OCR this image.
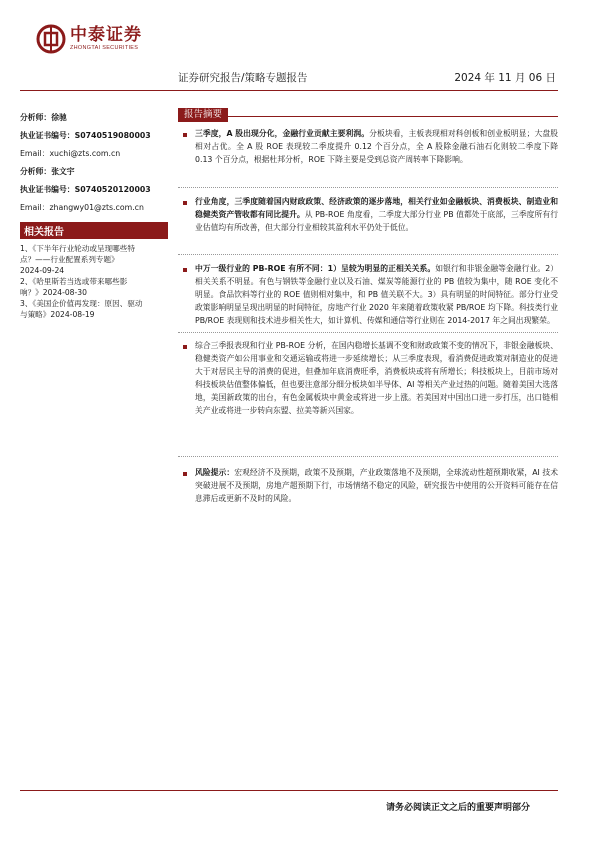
中泰证券
ZHONGTAI SECURITIES
证券研究报告/策略专题报告	2024 年 11 月 06 日
分析师： 徐驰
执业证书编号： S0740519080003
Email： xuchi@zts.com.cn
分析师： 张文宇
执业证书编号： S0740520120003
Email： zhangwy01@zts.com.cn
相关报告
1、《下半年行业轮动或呈现哪些特
点？——行业配置系列专题》
2024-09-24
2、《哈里斯若当选或带来哪些影
响？》2024-08-30
3、《美国企价值再发现：原因、驱动
与策略》2024-08-19
报告摘要
三季度，A 股出现分化，金融行业贡献主要利润。分板块看，主板表现相对科创板和创业板明显；大盘股相对占优。全 A 股 ROE 表现较二季度提升 0.12 个百分点，全 A 股除金融石油石化则较二季度下降 0.13 个百分点，根据杜邦分析，ROE 下降主要是受到总资产周转率下降影响。
行业角度，三季度随着国内财政政策、经济政策的逐步落地，相关行业如金融板块、消费板块、制造业和稳健类资产管收都有同比提升。从 PB-ROE 角度看，二季度大部分行业 PB 值都处于底部，三季度所有行业估值均有所改善，但大部分行业相较其盈利水平仍处于低位。
中万一级行业的 PB-ROE 有所不同：1）呈较为明显的正相关关系。如银行和非银金融等金融行业。2）相关关系不明显。有色与钢铁等金融行业以及石油、煤炭等能源行业的 PB 值较为集中，随 ROE 变化不明显。食品饮料等行业的 ROE 值则相对集中，和 PB 值关联不大。3）具有明显的时间特征。部分行业受政策影响明显呈现出明显的时间特征，房地产行业 2020 年来随着政策收紧 PB/ROE 均下降。科技类行业 PB/ROE 表现则和技术进步相关性大，如计算机、传媒和通信等行业则在 2014-2017 年之间出现繁荣。
综合三季报表现和行业 PB-ROE 分析，在国内稳增长基调不变和财政政策不变的情况下，非银金融板块、稳健类资产如公用事业和交通运输或将进一步延续增长；从三季度表现，看消费促进政策对制造业的促进大于对居民主导的消费的促进，但叠加年底消费旺季，消费板块或将有所增长；科技板块上，目前市场对科技板块估值整体偏低，但也要注意部分细分板块如半导体、AI 等相关产业过热的问题。随着美国大选落地，美国新政策的出台，有色金属板块中黄金或将进一步上涨。若美国对中国出口进一步打压，出口链相关产业或将进一步转向东盟、拉美等新兴国家。
风险提示：宏观经济不及预期，政策不及预期，产业政策落地不及预期，全球流动性超预期收紧，AI 技术突破进展不及预期，房地产超预期下行，市场情绪不稳定的风险，研究报告中使用的公开资料可能存在信息滞后或更新不及时的风险。
请务必阅读正文之后的重要声明部分
